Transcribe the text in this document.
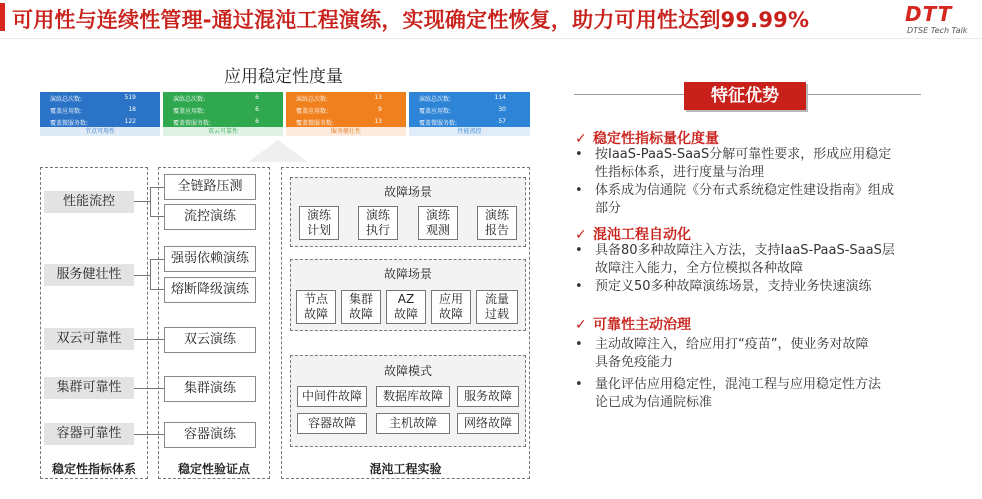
可用性与连续性管理-通过混沌工程演练，实现确定性恢复，助力可用性达到99.99%	DTT
DTSE Tech Talk
应用稳定性度量
演练总次数:	519
覆盖应用数:	18
覆盖微服务数:	122
节点可用性
演练总次数:	6
覆盖应用数:	6
覆盖微服务数:	6
双云可靠性
演练总次数:	13
覆盖应用数:	9
覆盖微服务数:	13
服务健壮性
演练总次数:	114
覆盖应用数:	30
覆盖微服务数:	57
性能流控
性能流控
服务健壮性
双云可靠性
集群可靠性
容器可靠性
稳定性指标体系
全链路压测
流控演练
强弱依赖演练
熔断降级演练
双云演练
集群演练
容器演练
稳定性验证点
故障场景
演练
计划
演练
执行
演练
观测
演练
报告
故障场景
节点
故障
集群
故障
AZ
故障
应用
故障
流量
过载
故障模式
中间件故障	数据库故障	服务故障
容器故障	主机故障	网络故障
混沌工程实验
特征优势
✓ 稳定性指标量化度量
• 按IaaS-PaaS-SaaS分解可靠性要求，形成应用稳定
性指标体系，进行度量与治理
• 体系成为信通院《分布式系统稳定性建设指南》组成
部分
✓ 混沌工程自动化
• 具备80多种故障注入方法，支持IaaS-PaaS-SaaS层
故障注入能力，全方位模拟各种故障
• 预定义50多种故障演练场景，支持业务快速演练
✓ 可靠性主动治理
• 主动故障注入，给应用打“疫苗”，使业务对故障
具备免疫能力
• 量化评估应用稳定性，混沌工程与应用稳定性方法
论已成为信通院标准
